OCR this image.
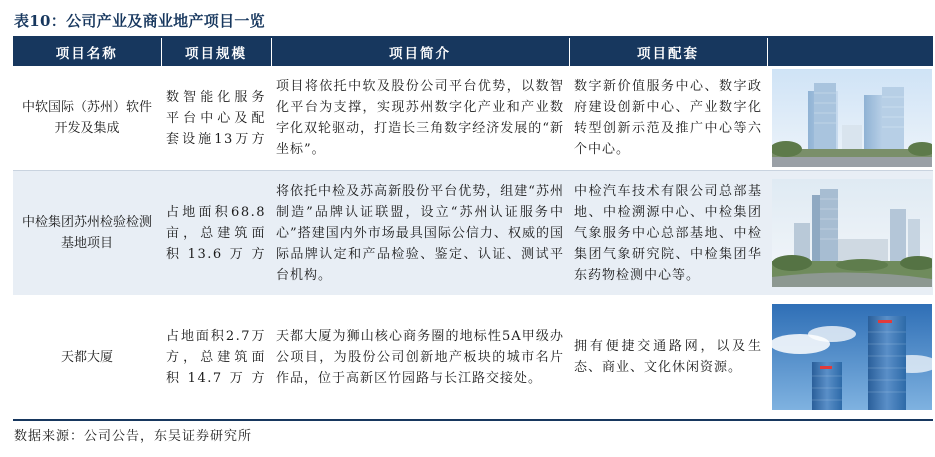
表10：公司产业及商业地产项目一览
项目名称	项目规模	项目简介	项目配套	
中软国际（苏州）软件开发及集成	数智能化服务平台中心及配套设施13万方	项目将依托中软及股份公司平台优势，以数智化平台为支撑，实现苏州数字化产业和产业数字化双轮驱动，打造长三角数字经济发展的“新坐标”。	数字新价值服务中心、数字政府建设创新中心、产业数字化转型创新示范及推广中心等六个中心。	

中检集团苏州检验检测基地项目	占地面积68.8亩，总建筑面积13.6万方	将依托中检及苏高新股份平台优势，组建“苏州制造”品牌认证联盟，设立“苏州认证服务中心”搭建国内外市场最具国际公信力、权威的国际品牌认定和产品检验、鉴定、认证、测试平台机构。	中检汽车技术有限公司总部基地、中检溯源中心、中检集团气象服务中心总部基地、中检集团气象研究院、中检集团华东药物检测中心等。	

天都大厦	占地面积2.7万方，总建筑面积14.7万方	天都大厦为狮山核心商务圈的地标性5A甲级办公项目，为股份公司创新地产板块的城市名片作品，位于高新区竹园路与长江路交接处。	拥有便捷交通路网，以及生态、商业、文化休闲资源。	
数据来源：公司公告，东吴证券研究所
